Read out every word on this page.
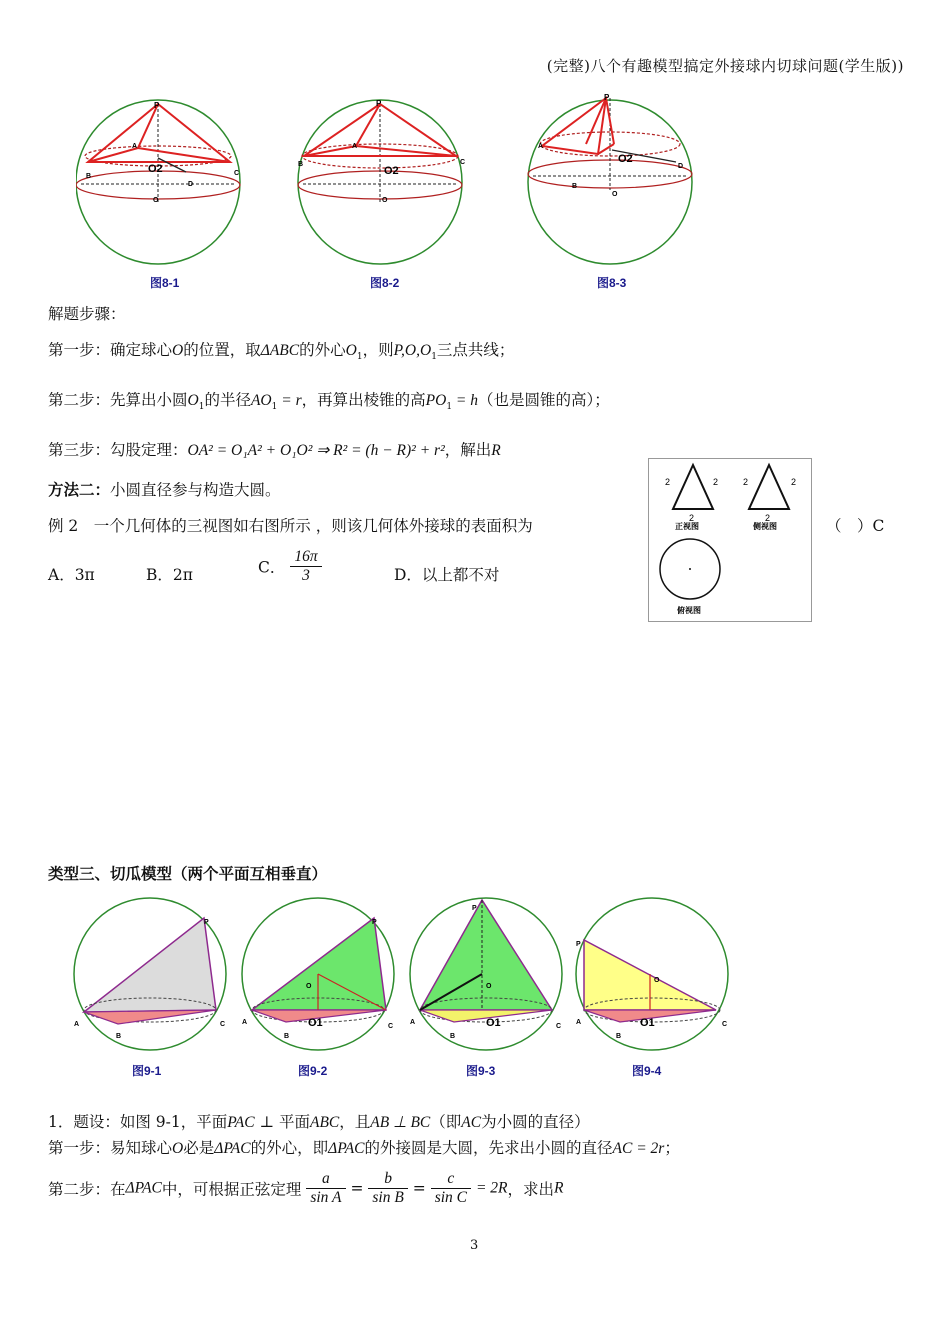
(完整)八个有趣模型搞定外接球内切球问题(学生版))
P
A
B	C
D
O2
O
P
A
B	C
O2
O
P
A
B
O2
D
O
图8-1	图8-2	图8-3
解题步骤：
第一步：确定球心O的位置，取ΔABC的外心$O_1$，则$P,O,O_1$三点共线；
第二步：先算出小圆$O_1$的半径$AO_1 = r$，再算出棱锥的高$PO_1 = h$（也是圆锥的高）；
第三步：勾股定理：OA² = O₁A² + O₁O² ⇒ R² = (h − R)² + r²，解出R
方法二：小圆直径参与构造大圆。
例 2　一个几何体的三视图如右图所示 ，则该几何体外接球的表面积为	（　）C
A．3π	B．2π	C． $\frac{16\pi}{3}$	D．以上都不对
2	2
2
2	2
2
正视图	侧视图
俯视图
类型三、切瓜模型（两个平面互相垂直）
P
A
B
C
P
O
O1
A
B
C
P
O
O1
A
B
C
P
O
O1
A
B
C
图9-1	图9-2	图9-3	图9-4
1．题设：如图 9-1，平面PAC ⊥ 平面ABC，且AB ⊥ BC（即AC为小圆的直径）
第一步：易知球心O必是ΔPAC的外心，即ΔPAC的外接圆是大圆，先求出小圆的直径AC = 2r；
第二步：在ΔPAC中，可根据正弦定理 $\frac{a}{\text{sin A}} = \frac{b}{\text{sin B}} = \frac{c}{\text{sin C}} = 2R$，求出R
3
